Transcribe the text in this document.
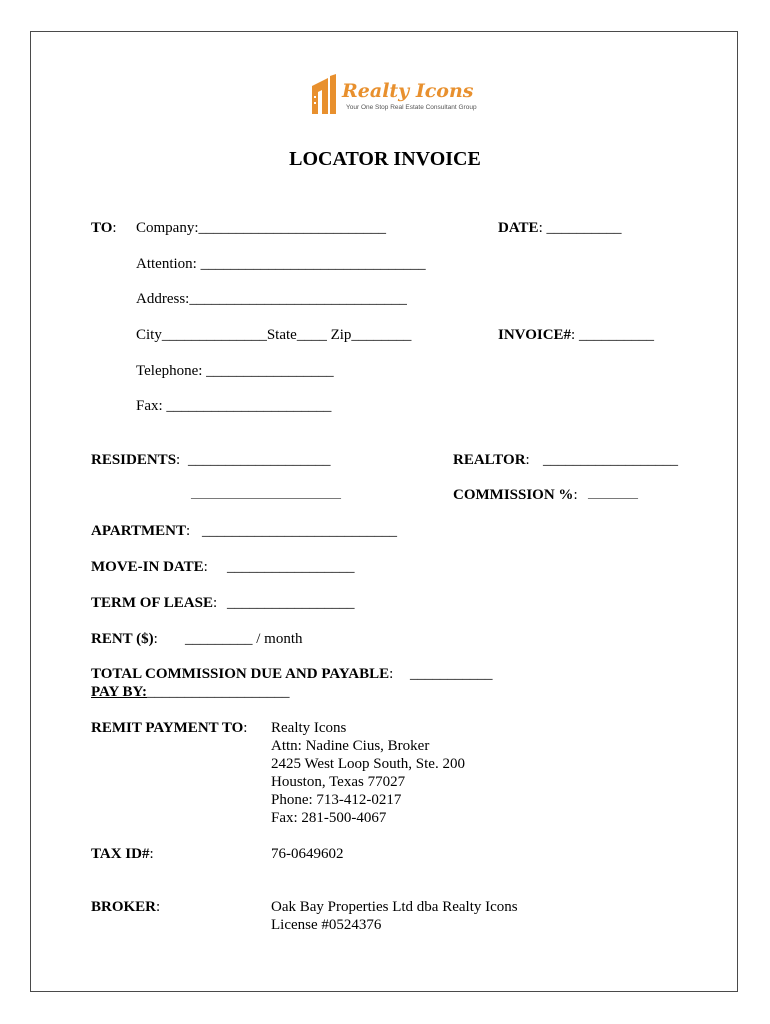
Realty Icons
Your One Stop Real Estate Consultant Group
LOCATOR INVOICE
TO: Company:_________________________	DATE: __________
Attention: ______________________________
Address:_____________________________
City______________State____ Zip________	INVOICE#: __________
Telephone: _________________
Fax: ______________________
RESIDENTS: ___________________
______________________________
REALTOR: __________________
COMMISSION %: __________
APARTMENT: __________________________
MOVE-IN DATE: _________________
TERM OF LEASE: _________________
RENT ($): _________ / month
TOTAL COMMISSION DUE AND PAYABLE: ___________
PAY BY:___________________
REMIT PAYMENT TO: Realty Icons
Attn: Nadine Cius, Broker
2425 West Loop South, Ste. 200
Houston, Texas 77027
Phone: 713-412-0217
Fax: 281-500-4067
TAX ID#:	76-0649602
BROKER:	Oak Bay Properties Ltd dba Realty Icons
License #0524376
